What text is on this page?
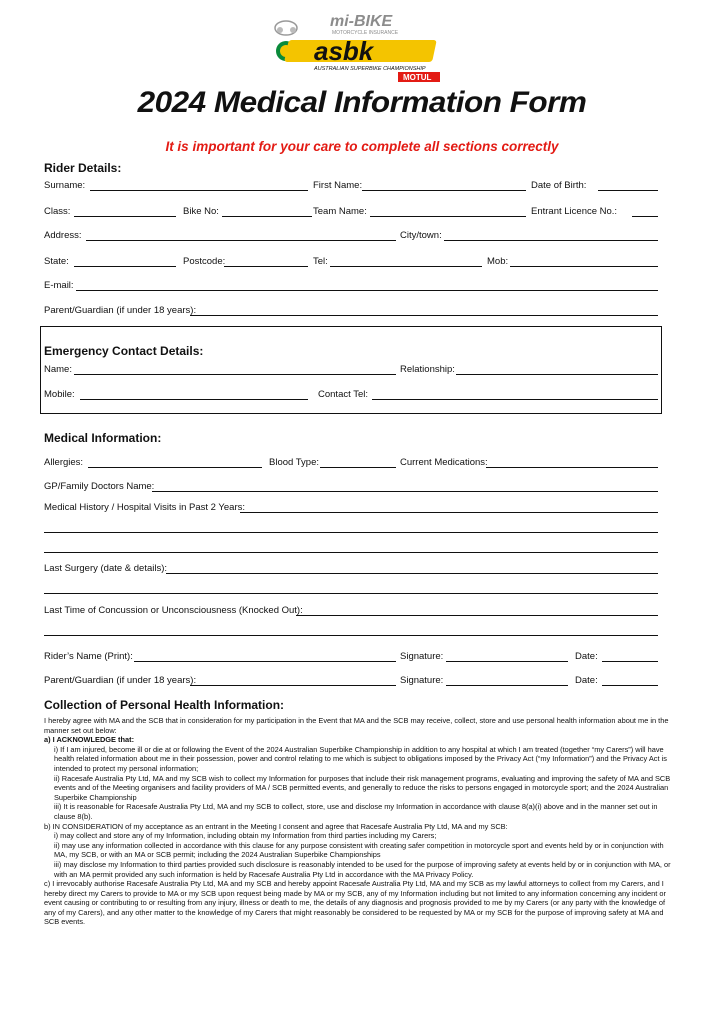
mi-BIKE
MOTORCYCLE INSURANCE
asbk
AUSTRALIAN SUPERBIKE CHAMPIONSHIP
MOTUL
2024 Medical Information Form
It is important for your care to complete all sections correctly
Rider Details:
Surname:	First Name:	Date of Birth:
Class:	Bike No:	Team Name:	Entrant Licence No.:
Address:	City/town:
State:	Postcode:	Tel:	Mob:
E-mail:
Parent/Guardian (if under 18 years):
Emergency Contact Details:
Name:	Relationship:
Mobile:	Contact Tel:
Medical Information:
Allergies:	Blood Type:	Current Medications:
GP/Family Doctors Name:
Medical History / Hospital Visits in Past 2 Years:
Last Surgery (date & details):
Last Time of Concussion or Unconsciousness (Knocked Out):
Rider’s Name (Print):	Signature:	Date:
Parent/Guardian (if under 18 years):	Signature:	Date:
Collection of Personal Health Information:

I hereby agree with MA and the SCB that in consideration for my participation in the Event that MA and the SCB may receive, collect, store and use personal health information about me in the manner set out below:

a) I ACKNOWLEDGE that:

i) If I am injured, become ill or die at or following the Event of the 2024 Australian Superbike Championship in addition to any hospital at which I am treated (together “my Carers”) will have health related information about me in their possession, power and control relating to me which is subject to obligations imposed by the Privacy Act (“my Information”) and the Privacy Act is intended to protect my personal information;

ii) Racesafe Australia Pty Ltd, MA and my SCB wish to collect my Information for purposes that include their risk management programs, evaluating and improving the safety of MA and SCB events and of the Meeting organisers and facility providers of MA / SCB permitted events, and generally to reduce the risks to persons engaged in motorcycle sport; and the 2024 Australian Superbike Championship

iii) It is reasonable for Racesafe Australia Pty Ltd, MA and my SCB to collect, store, use and disclose my Information in accordance with clause 8(a)(i) above and in the manner set out in clause 8(b).

b) IN CONSIDERATION of my acceptance as an entrant in the Meeting I consent and agree that Racesafe Australia Pty Ltd, MA and my SCB:

i) may collect and store any of my Information, including obtain my Information from third parties including my Carers;

ii) may use any information collected in accordance with this clause for any purpose consistent with creating safer competition in motorcycle sport and events held by or in conjunction with MA, my SCB, or with an MA or SCB permit; including the 2024 Australian Superbike Championships

iii) may disclose my Information to third parties provided such disclosure is reasonably intended to be used for the purpose of improving safety at events held by or in conjunction with MA, or with an MA permit provided any such information is held by Racesafe Australia Pty Ltd in accordance with the MA Privacy Policy.

c) I irrevocably authorise Racesafe Australia Pty Ltd, MA and my SCB and hereby appoint Racesafe Australia Pty Ltd, MA and my SCB as my lawful attorneys to collect from my Carers, and I hereby direct my Carers to provide to MA or my SCB upon request being made by MA or my SCB, any of my Information including but not limited to any information concerning any incident or event causing or contributing to or resulting from any injury, illness or death to me, the details of any diagnosis and prognosis provided to me by my Carers (or any party with the knowledge of any of my Carers), and any other matter to the knowledge of my Carers that might reasonably be considered to be requested by MA or my SCB for the purpose of improving safety at MA and SCB events.
